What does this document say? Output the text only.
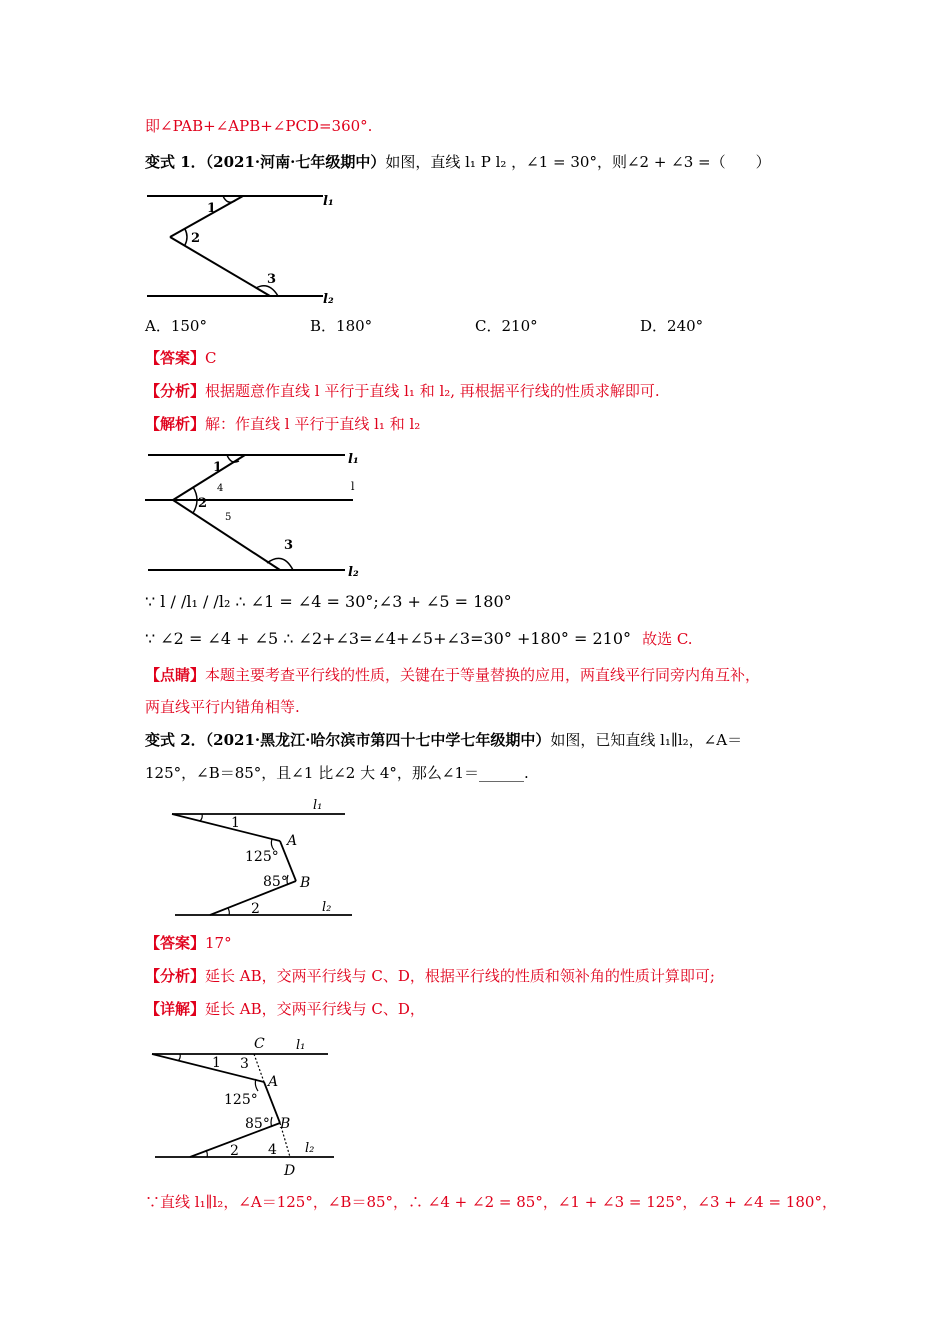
即∠PAB+∠APB+∠PCD=360°.
变式 1．（2021·河南·七年级期中）如图，直线 l₁ P l₂ ，∠1 = 30°，则∠2 + ∠3 =（　　）
1
2
3
l₁
l₂
A．150°	B．180°	C．210°	D．240°
【答案】C
【分析】根据题意作直线 l 平行于直线 l₁ 和 l₂, 再根据平行线的性质求解即可.
【解析】解：作直线 l 平行于直线 l₁ 和 l₂
1
2
4
5
3
l₁
l
l₂
∵ l / /l₁ / /l₂ ∴ ∠1 = ∠4 = 30°;∠3 + ∠5 = 180°
∵ ∠2 = ∠4 + ∠5 ∴ ∠2+∠3=∠4+∠5+∠3=30° +180° = 210° 故选 C.
【点睛】本题主要考查平行线的性质，关键在于等量替换的应用，两直线平行同旁内角互补，
两直线平行内错角相等.
变式 2．（2021·黑龙江·哈尔滨市第四十七中学七年级期中）如图，已知直线 l₁∥l₂，∠A＝
125°，∠B＝85°，且∠1 比∠2 大 4°，那么∠1＝______.
1
A
125°
85° B
2
l₁
l₂
【答案】17°
【分析】延长 AB，交两平行线与 C、D，根据平行线的性质和领补角的性质计算即可;
【详解】延长 AB，交两平行线与 C、D，
C
3
1
A
125°
85° B
2 4
D
l₁
l₂
∵直线 l₁∥l₂，∠A＝125°，∠B＝85°，∴ ∠4 + ∠2 = 85°，∠1 + ∠3 = 125°，∠3 + ∠4 = 180°，
